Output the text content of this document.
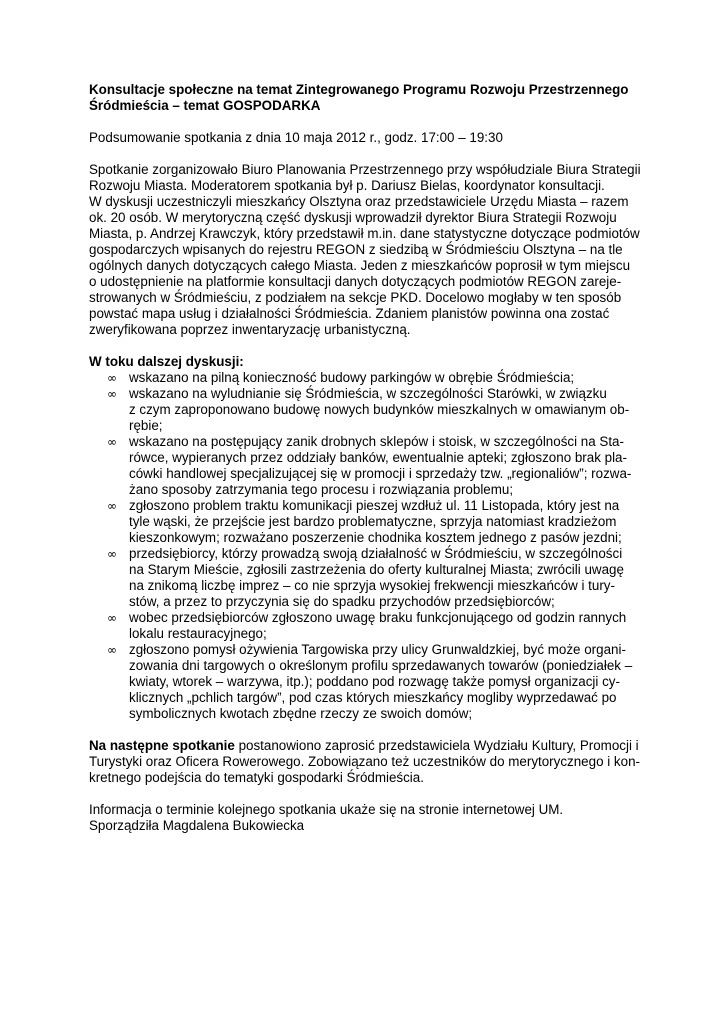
Konsultacje społeczne na temat Zintegrowanego Programu Rozwoju Przestrzennego
Śródmieścia – temat GOSPODARKA
Podsumowanie spotkania z dnia 10 maja 2012 r., godz. 17:00 – 19:30
Spotkanie zorganizowało Biuro Planowania Przestrzennego przy współudziale Biura Strategii
Rozwoju Miasta. Moderatorem spotkania był p. Dariusz Bielas, koordynator konsultacji.
W dyskusji uczestniczyli mieszkańcy Olsztyna oraz przedstawiciele Urzędu Miasta – razem
ok. 20 osób. W merytoryczną część dyskusji wprowadził dyrektor Biura Strategii Rozwoju
Miasta, p. Andrzej Krawczyk, który przedstawił m.in. dane statystyczne dotyczące podmiotów
gospodarczych wpisanych do rejestru REGON z siedzibą w Śródmieściu Olsztyna – na tle
ogólnych danych dotyczących całego Miasta. Jeden z mieszkańców poprosił w tym miejscu
o udostępnienie na platformie konsultacji danych dotyczących podmiotów REGON zareje-
strowanych w Śródmieściu, z podziałem na sekcje PKD. Docelowo mogłaby w ten sposób
powstać mapa usług i działalności Śródmieścia. Zdaniem planistów powinna ona zostać
zweryfikowana poprzez inwentaryzację urbanistyczną.
W toku dalszej dyskusji:
∞ wskazano na pilną konieczność budowy parkingów w obrębie Śródmieścia;
∞ wskazano na wyludnianie się Śródmieścia, w szczególności Starówki, w związku
z czym zaproponowano budowę nowych budynków mieszkalnych w omawianym ob-
rębie;
∞ wskazano na postępujący zanik drobnych sklepów i stoisk, w szczególności na Sta-
rówce, wypieranych przez oddziały banków, ewentualnie apteki; zgłoszono brak pla-
cówki handlowej specjalizującej się w promocji i sprzedaży tzw. „regionaliów”; rozwa-
żano sposoby zatrzymania tego procesu i rozwiązania problemu;
∞ zgłoszono problem traktu komunikacji pieszej wzdłuż ul. 11 Listopada, który jest na
tyle wąski, że przejście jest bardzo problematyczne, sprzyja natomiast kradzieżom
kieszonkowym; rozważano poszerzenie chodnika kosztem jednego z pasów jezdni;
∞ przedsiębiorcy, którzy prowadzą swoją działalność w Śródmieściu, w szczególności
na Starym Mieście, zgłosili zastrzeżenia do oferty kulturalnej Miasta; zwrócili uwagę
na znikomą liczbę imprez – co nie sprzyja wysokiej frekwencji mieszkańców i tury-
stów, a przez to przyczynia się do spadku przychodów przedsiębiorców;
∞ wobec przedsiębiorców zgłoszono uwagę braku funkcjonującego od godzin rannych
lokalu restauracyjnego;
∞ zgłoszono pomysł ożywienia Targowiska przy ulicy Grunwaldzkiej, być może organi-
zowania dni targowych o określonym profilu sprzedawanych towarów (poniedziałek –
kwiaty, wtorek – warzywa, itp.); poddano pod rozwagę także pomysł organizacji cy-
klicznych „pchlich targów”, pod czas których mieszkańcy mogliby wyprzedawać po
symbolicznych kwotach zbędne rzeczy ze swoich domów;
Na następne spotkanie postanowiono zaprosić przedstawiciela Wydziału Kultury, Promocji i
Turystyki oraz Oficera Rowerowego. Zobowiązano też uczestników do merytorycznego i kon-
kretnego podejścia do tematyki gospodarki Śródmieścia.
Informacja o terminie kolejnego spotkania ukaże się na stronie internetowej UM.
Sporządziła Magdalena Bukowiecka
